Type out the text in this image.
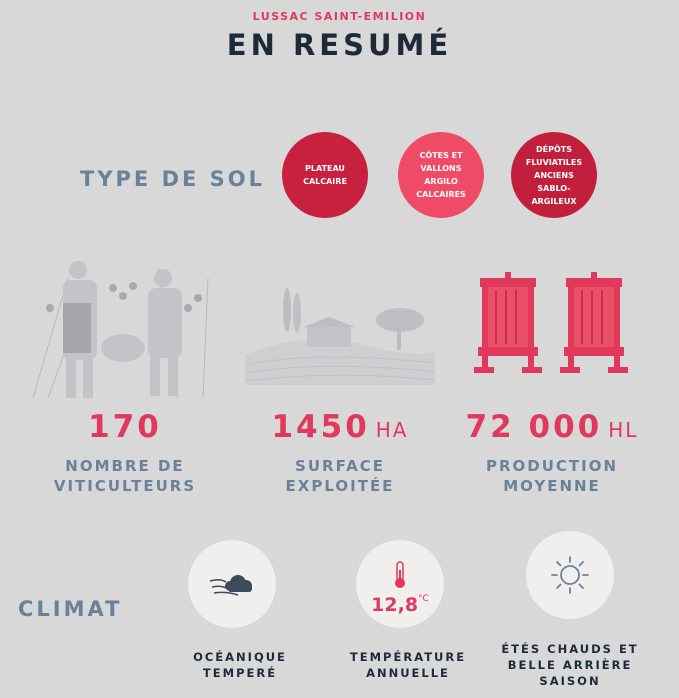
LUSSAC SAINT-EMILION
EN RESUMÉ
TYPE DE SOL	PLATEAU
CALCAIRE
CÔTES ET
VALLONS
ARGILO
CALCAIRES
DÉPÔTS
FLUVIATILES
ANCIENS
SABLO-
ARGILEUX
170	1450 HA	72 000 HL
NOMBRE DE
VITICULTEURS
SURFACE
EXPLOITÉE
PRODUCTION
MOYENNE
CLIMAT	$12,8^{^\circ C}$
OCÉANIQUE
TEMPERÉ
TEMPÉRATURE
ANNUELLE
ÉTÉS CHAUDS ET
BELLE ARRIÈRE
SAISON
